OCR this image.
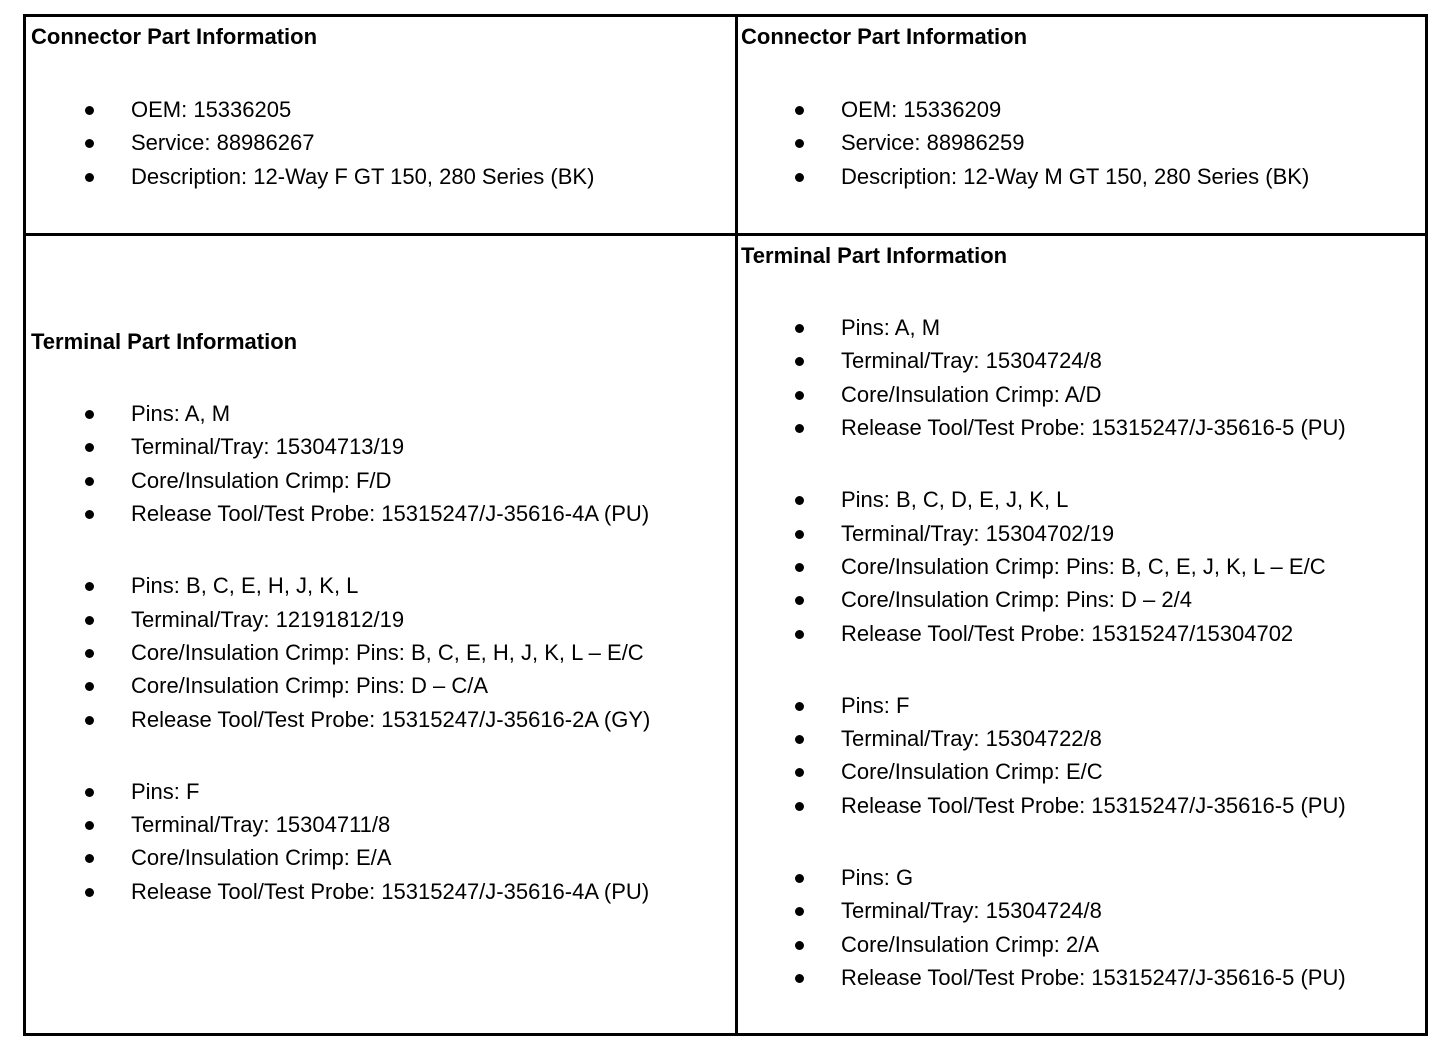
Connector Part Information
OEM: 15336205
Service: 88986267
Description: 12-Way F GT 150, 280 Series (BK)
Connector Part Information
OEM: 15336209
Service: 88986259
Description: 12-Way M GT 150, 280 Series (BK)
Terminal Part Information
Pins: A, M
Terminal/Tray: 15304713/19
Core/Insulation Crimp: F/D
Release Tool/Test Probe: 15315247/J-35616-4A (PU)
Pins: B, C, E, H, J, K, L
Terminal/Tray: 12191812/19
Core/Insulation Crimp: Pins: B, C, E, H, J, K, L – E/C
Core/Insulation Crimp: Pins: D – C/A
Release Tool/Test Probe: 15315247/J-35616-2A (GY)
Pins: F
Terminal/Tray: 15304711/8
Core/Insulation Crimp: E/A
Release Tool/Test Probe: 15315247/J-35616-4A (PU)
Terminal Part Information
Pins: A, M
Terminal/Tray: 15304724/8
Core/Insulation Crimp: A/D
Release Tool/Test Probe: 15315247/J-35616-5 (PU)
Pins: B, C, D, E, J, K, L
Terminal/Tray: 15304702/19
Core/Insulation Crimp: Pins: B, C, E, J, K, L – E/C
Core/Insulation Crimp: Pins: D – 2/4
Release Tool/Test Probe: 15315247/15304702
Pins: F
Terminal/Tray: 15304722/8
Core/Insulation Crimp: E/C
Release Tool/Test Probe: 15315247/J-35616-5 (PU)
Pins: G
Terminal/Tray: 15304724/8
Core/Insulation Crimp: 2/A
Release Tool/Test Probe: 15315247/J-35616-5 (PU)
